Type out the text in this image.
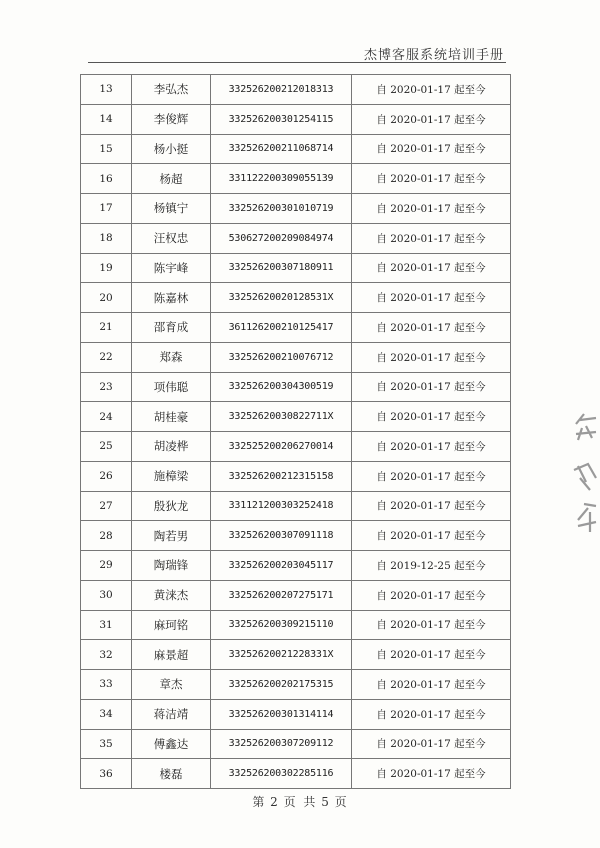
杰博客服系统培训手册
13	李弘杰	332526200212018313	自 2020-01-17 起至今
14	李俊辉	332526200301254115	自 2020-01-17 起至今
15	杨小挺	332526200211068714	自 2020-01-17 起至今
16	杨超	331122200309055139	自 2020-01-17 起至今
17	杨镇宁	332526200301010719	自 2020-01-17 起至今
18	汪权忠	530627200209084974	自 2020-01-17 起至今
19	陈宇峰	332526200307180911	自 2020-01-17 起至今
20	陈嘉林	33252620020128531X	自 2020-01-17 起至今
21	邵育成	361126200210125417	自 2020-01-17 起至今
22	郑森	332526200210076712	自 2020-01-17 起至今
23	项伟聪	332526200304300519	自 2020-01-17 起至今
24	胡桂豪	33252620030822711X	自 2020-01-17 起至今
25	胡凌桦	332525200206270014	自 2020-01-17 起至今
26	施樟梁	332526200212315158	自 2020-01-17 起至今
27	殷狄龙	331121200303252418	自 2020-01-17 起至今
28	陶若男	332526200307091118	自 2020-01-17 起至今
29	陶瑞锋	332526200203045117	自 2019-12-25 起至今
30	黄涞杰	332526200207275171	自 2020-01-17 起至今
31	麻珂铭	332526200309215110	自 2020-01-17 起至今
32	麻景超	33252620021228331X	自 2020-01-17 起至今
33	章杰	332526200202175315	自 2020-01-17 起至今
34	蒋洁靖	332526200301314114	自 2020-01-17 起至今
35	傅鑫达	332526200307209112	自 2020-01-17 起至今
36	楼磊	332526200302285116	自 2020-01-17 起至今
第 2 页 共 5 页
